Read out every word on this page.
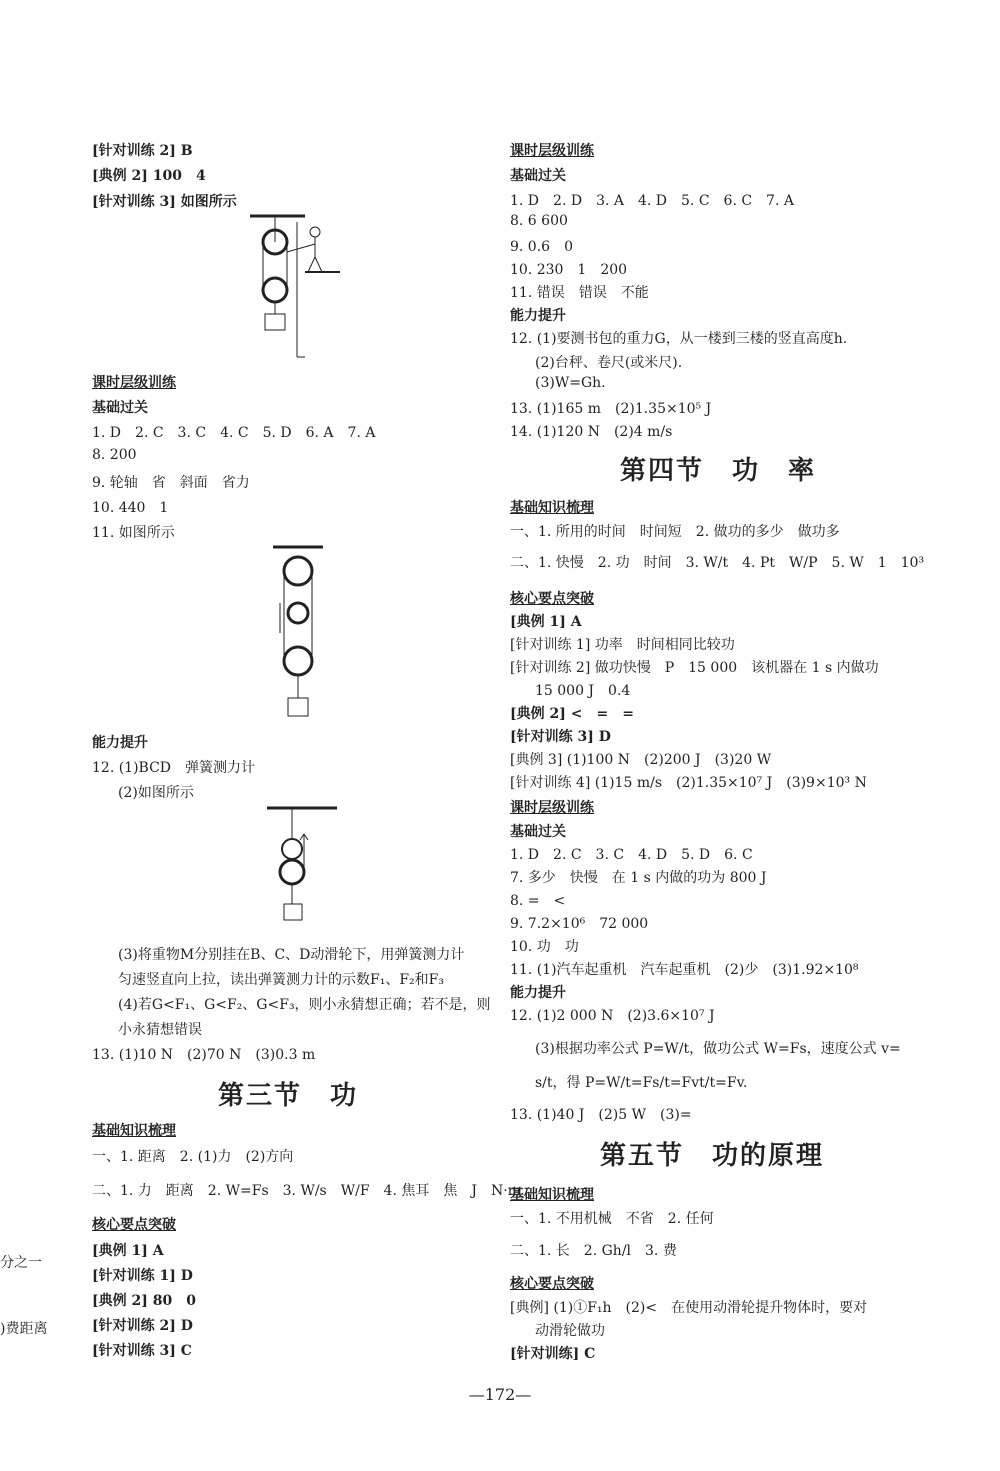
[针对训练 2] B
[典例 2] 100　4
[针对训练 3] 如图所示
课时层级训练
基础过关
1. D　2. C　3. C　4. C　5. D　6. A　7. A
8. 200
9. 轮轴　省　斜面　省力
10. 440　1
11. 如图所示
能力提升
12. (1)BCD　弹簧测力计
(2)如图所示
(3)将重物M分别挂在B、C、D动滑轮下，用弹簧测力计
匀速竖直向上拉，读出弹簧测力计的示数F₁、F₂和F₃
(4)若G<F₁、G<F₂、G<F₃，则小永猜想正确；若不是，则
小永猜想错误
13. (1)10 N　(2)70 N　(3)0.3 m
第三节　功
基础知识梳理
一、1. 距离　2. (1)力　(2)方向
二、1. 力　距离　2. W=Fs　3. W/s　W/F　4. 焦耳　焦　J　N·m
核心要点突破
[典例 1] A
[针对训练 1] D
[典例 2] 80　0
[针对训练 2] D
[针对训练 3] C
分之一
)费距离
课时层级训练
基础过关
1. D　2. D　3. A　4. D　5. C　6. C　7. A
8. 6 600
9. 0.6　0
10. 230　1　200
11. 错误　错误　不能
能力提升
12. (1)要测书包的重力G，从一楼到三楼的竖直高度h.
(2)台秤、卷尺(或米尺).
(3)W=Gh.
13. (1)165 m　(2)1.35×10⁵ J
14. (1)120 N　(2)4 m/s
第四节　功　率
基础知识梳理
一、1. 所用的时间　时间短　2. 做功的多少　做功多
二、1. 快慢　2. 功　时间　3. W/t　4. Pt　W/P　5. W　1　10³
核心要点突破
[典例 1] A
[针对训练 1] 功率　时间相同比较功
[针对训练 2] 做功快慢　P　15 000　该机器在 1 s 内做功
15 000 J　0.4
[典例 2] <　=　=
[针对训练 3] D
[典例 3] (1)100 N　(2)200 J　(3)20 W
[针对训练 4] (1)15 m/s　(2)1.35×10⁷ J　(3)9×10³ N
课时层级训练
基础过关
1. D　2. C　3. C　4. D　5. D　6. C
7. 多少　快慢　在 1 s 内做的功为 800 J
8. =　<
9. 7.2×10⁶　72 000
10. 功　功
11. (1)汽车起重机　汽车起重机　(2)少　(3)1.92×10⁸
能力提升
12. (1)2 000 N　(2)3.6×10⁷ J
(3)根据功率公式 P=W/t，做功公式 W=Fs，速度公式 v=
s/t，得 P=W/t=Fs/t=Fvt/t=Fv.
13. (1)40 J　(2)5 W　(3)=
第五节　功的原理
基础知识梳理
一、1. 不用机械　不省　2. 任何
二、1. 长　2. Gh/l　3. 费
核心要点突破
[典例] (1)①F₁h　(2)<　在使用动滑轮提升物体时，要对
动滑轮做功
[针对训练] C
—172—
